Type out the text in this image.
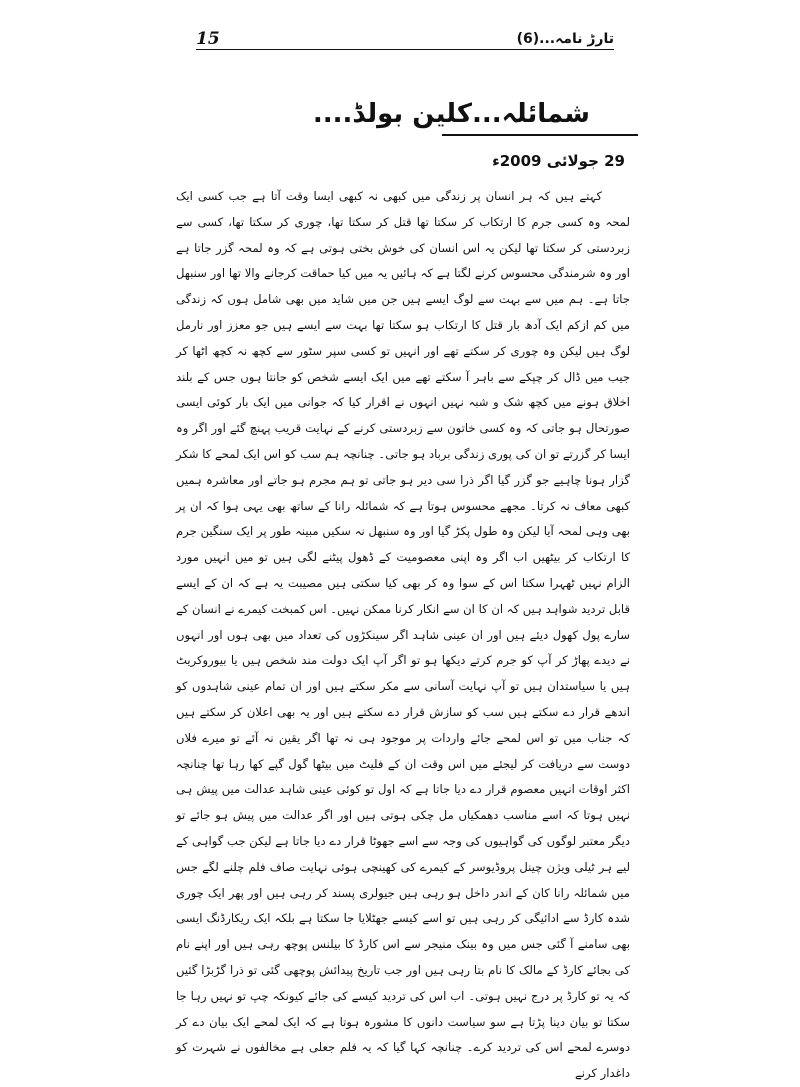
15	تارڑ نامہ...(6)
شمائلہ...کلین بولڈ....
29 جولائی 2009ء

کہتے ہیں کہ ہر انسان پر زندگی میں کبھی نہ کبھی ایسا وقت آتا ہے جب کسی ایک لمحہ وہ کسی جرم کا ارتکاب کر سکتا تھا قتل کر سکتا تھا، چوری کر سکتا تھا، کسی سے زبردستی کر سکتا تھا لیکن یہ اس انسان کی خوش بختی ہوتی ہے کہ وہ لمحہ گزر جاتا ہے اور وہ شرمندگی محسوس کرنے لگتا ہے کہ ہائیں یہ میں کیا حماقت کرجانے والا تھا اور سنبھل جاتا ہے۔ ہم میں سے بہت سے لوگ ایسے ہیں جن میں شاید میں بھی شامل ہوں کہ زندگی میں کم ازکم ایک آدھ بار قتل کا ارتکاب ہو سکتا تھا بہت سے ایسے ہیں جو معزز اور نارمل لوگ ہیں لیکن وہ چوری کر سکتے تھے اور انہیں تو کسی سپر سٹور سے کچھ نہ کچھ اٹھا کر جیب میں ڈال کر چپکے سے باہر آ سکتے تھے میں ایک ایسے شخص کو جانتا ہوں جس کے بلند اخلاق ہونے میں کچھ شک و شبہ نہیں انہوں نے اقرار کیا کہ جوانی میں ایک بار کوئی ایسی صورتحال ہو جاتی کہ وہ کسی خاتون سے زبردستی کرنے کے نہایت قریب پہنچ گئے اور اگر وہ ایسا کر گزرتے تو ان کی پوری زندگی برباد ہو جاتی۔ چنانچہ ہم سب کو اس ایک لمحے کا شکر گزار ہونا چاہیے جو گزر گیا اگر ذرا سی دیر ہو جاتی تو ہم مجرم ہو جاتے اور معاشرہ ہمیں کبھی معاف نہ کرتا۔ مجھے محسوس ہوتا ہے کہ شمائلہ رانا کے ساتھ بھی یہی ہوا کہ ان پر بھی وہی لمحہ آیا لیکن وہ طول پکڑ گیا اور وہ سنبھل نہ سکیں مبینہ طور پر ایک سنگین جرم کا ارتکاب کر بیٹھیں اب اگر وہ اپنی معصومیت کے ڈھول پیٹنے لگی ہیں تو میں انہیں مورد الزام نہیں ٹھہرا سکتا اس کے سوا وہ کر بھی کیا سکتی ہیں مصیبت یہ ہے کہ ان کے ایسے قابل تردید شواہد ہیں کہ ان کا ان سے انکار کرنا ممکن نہیں۔ اس کمبخت کیمرے نے انسان کے سارے پول کھول دیئے ہیں اور ان عینی شاہد اگر سینکڑوں کی تعداد میں بھی ہوں اور انہوں نے دیدے پھاڑ کر آپ کو جرم کرتے دیکھا ہو تو اگر آپ ایک دولت مند شخص ہیں یا بیوروکریٹ ہیں یا سیاستدان ہیں تو آپ نہایت آسانی سے مکر سکتے ہیں اور ان تمام عینی شاہدوں کو اندھے قرار دے سکتے ہیں سب کو سازش قرار دے سکتے ہیں اور یہ بھی اعلان کر سکتے ہیں کہ جناب میں تو اس لمحے جائے واردات پر موجود ہی نہ تھا اگر یقین نہ آئے تو میرے فلاں دوست سے دریافت کر لیجئے میں اس وقت ان کے فلیٹ میں بیٹھا گول گپے کھا رہا تھا چنانچہ اکثر اوقات انہیں معصوم قرار دے دیا جاتا ہے کہ اول تو کوئی عینی شاہد عدالت میں پیش ہی نہیں ہوتا کہ اسے مناسب دھمکیاں مل چکی ہوتی ہیں اور اگر عدالت میں پیش ہو جائے تو دیگر معتبر لوگوں کی گواہیوں کی وجہ سے اسے جھوٹا قرار دے دیا جاتا ہے لیکن جب گواہی کے لیے ہر ٹیلی ویژن چینل پروڈیوسر کے کیمرے کی کھینچی ہوئی نہایت صاف فلم چلنے لگے جس میں شمائلہ رانا کان کے اندر داخل ہو رہی ہیں جیولری پسند کر رہی ہیں اور پھر ایک چوری شدہ کارڈ سے ادائیگی کر رہی ہیں تو اسے کیسے جھٹلایا جا سکتا ہے بلکہ ایک ریکارڈنگ ایسی بھی سامنے آ گئی جس میں وہ بینک منیجر سے اس کارڈ کا بیلنس پوچھ رہی ہیں اور اپنے نام کی بجائے کارڈ کے مالک کا نام بتا رہی ہیں اور جب تاریخ پیدائش پوچھی گئی تو ذرا گڑبڑا گئیں کہ یہ تو کارڈ پر درج نہیں ہوتی۔ اب اس کی تردید کیسے کی جائے کیونکہ چپ تو نہیں رہا جا سکتا تو بیان دینا پڑتا ہے سو سیاست دانوں کا مشورہ ہوتا ہے کہ ایک لمحے ایک بیان دے کر دوسرے لمحے اس کی تردید کرے۔ چنانچہ کہا گیا کہ یہ فلم جعلی ہے مخالفوں نے شہرت کو داغدار کرنے
